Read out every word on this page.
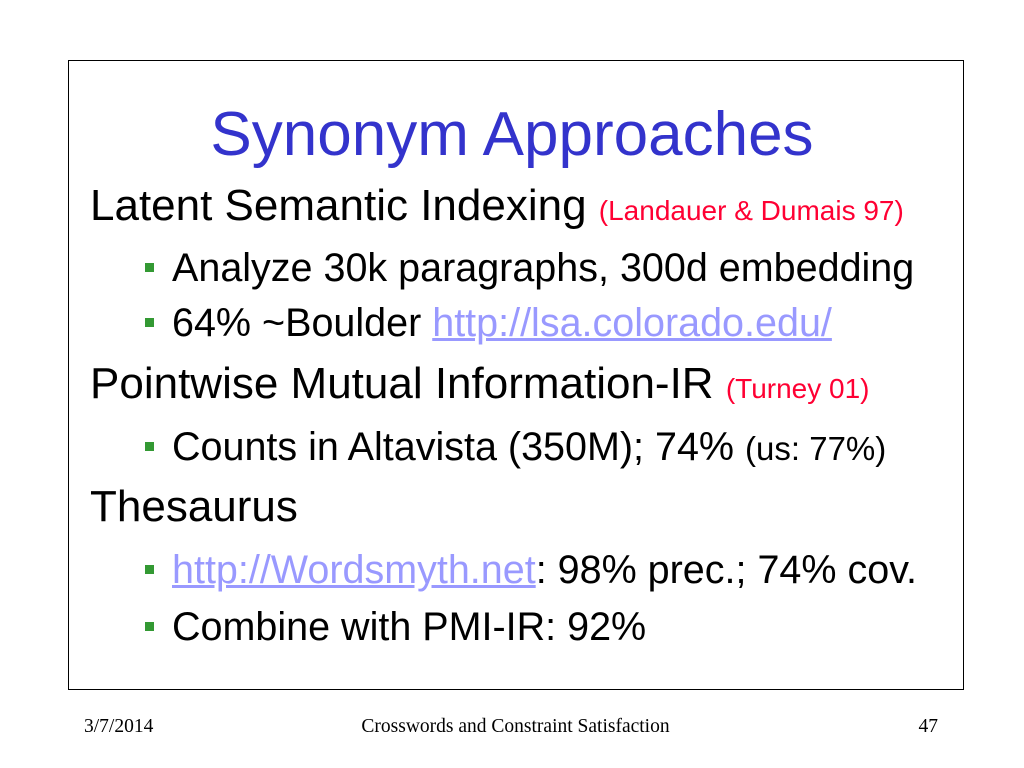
Synonym Approaches
Latent Semantic Indexing (Landauer & Dumais 97)
Analyze 30k paragraphs, 300d embedding
64% ~Boulder http://lsa.colorado.edu/
Pointwise Mutual Information-IR (Turney 01)
Counts in Altavista (350M); 74% (us: 77%)
Thesaurus
http://Wordsmyth.net: 98% prec.; 74% cov.
Combine with PMI-IR: 92%
3/7/2014	Crosswords and Constraint Satisfaction	47
